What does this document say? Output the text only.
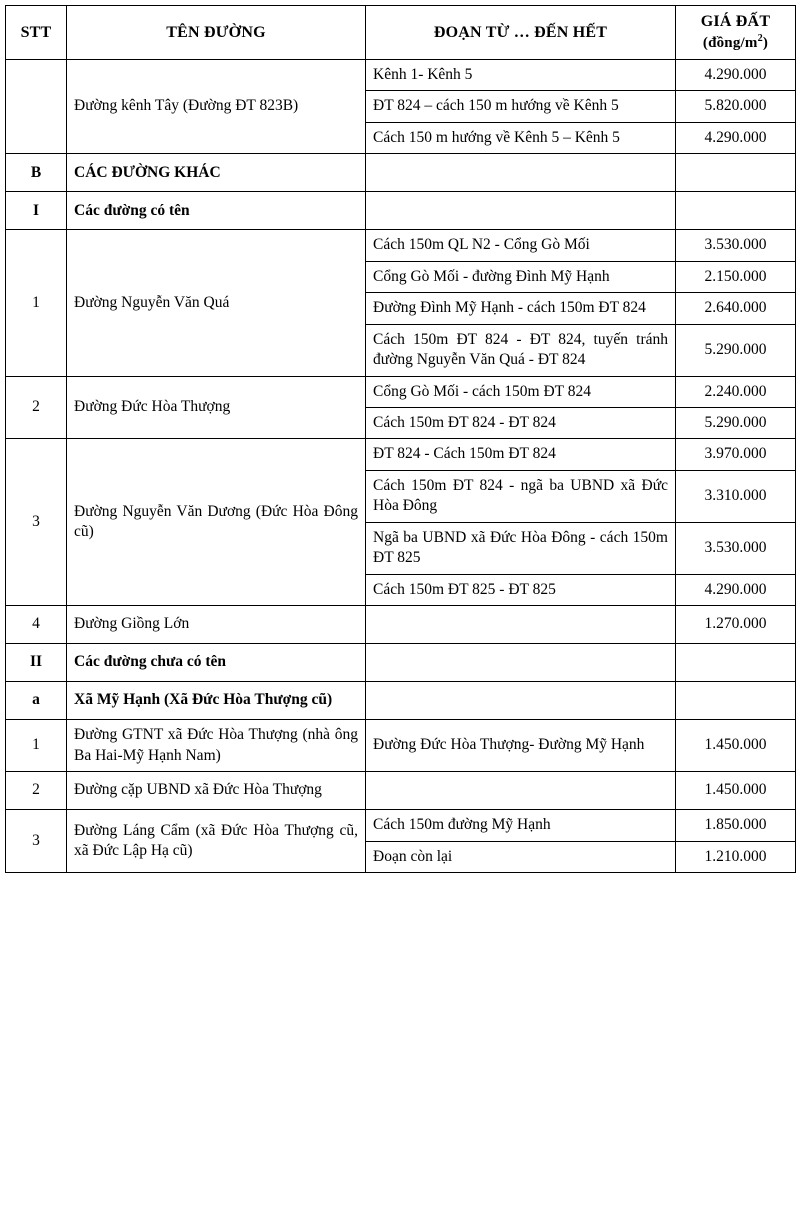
STT	TÊN ĐƯỜNG	ĐOẠN TỪ … ĐẾN HẾT	GIÁ ĐẤT
$(đồng/m^2)$

	Đường kênh Tây (Đường ĐT 823B)	Kênh 1- Kênh 5	4.290.000
		ĐT 824 – cách 150 m hướng về Kênh 5	5.820.000
		Cách 150 m hướng về Kênh 5 – Kênh 5	4.290.000
B	CÁC ĐƯỜNG KHÁC		
I	Các đường có tên		
1	Đường Nguyễn Văn Quá	Cách 150m QL N2 - Cổng Gò Mối	3.530.000
		Cổng Gò Mối - đường Đình Mỹ Hạnh	2.150.000
		Đường Đình Mỹ Hạnh - cách 150m ĐT 824	2.640.000
		Cách 150m ĐT 824 - ĐT 824, tuyến tránh đường Nguyễn Văn Quá - ĐT 824	5.290.000
2	Đường Đức Hòa Thượng	Cổng Gò Mối - cách 150m ĐT 824	2.240.000
		Cách 150m ĐT 824 - ĐT 824	5.290.000
3	Đường Nguyễn Văn Dương (Đức Hòa Đông cũ)	ĐT 824 - Cách 150m ĐT 824	3.970.000
		Cách 150m ĐT 824 - ngã ba UBND xã Đức Hòa Đông	3.310.000
		Ngã ba UBND xã Đức Hòa Đông - cách 150m ĐT 825	3.530.000
		Cách 150m ĐT 825 - ĐT 825	4.290.000
4	Đường Giồng Lớn		1.270.000
II	Các đường chưa có tên		
a	Xã Mỹ Hạnh (Xã Đức Hòa Thượng cũ)		
1	Đường GTNT xã Đức Hòa Thượng (nhà ông Ba Hai-Mỹ Hạnh Nam)	Đường Đức Hòa Thượng- Đường Mỹ Hạnh	1.450.000
2	Đường cặp UBND xã Đức Hòa Thượng		1.450.000
3	Đường Láng Cẩm (xã Đức Hòa Thượng cũ, xã Đức Lập Hạ cũ)	Cách 150m đường Mỹ Hạnh	1.850.000
		Đoạn còn lại	1.210.000
